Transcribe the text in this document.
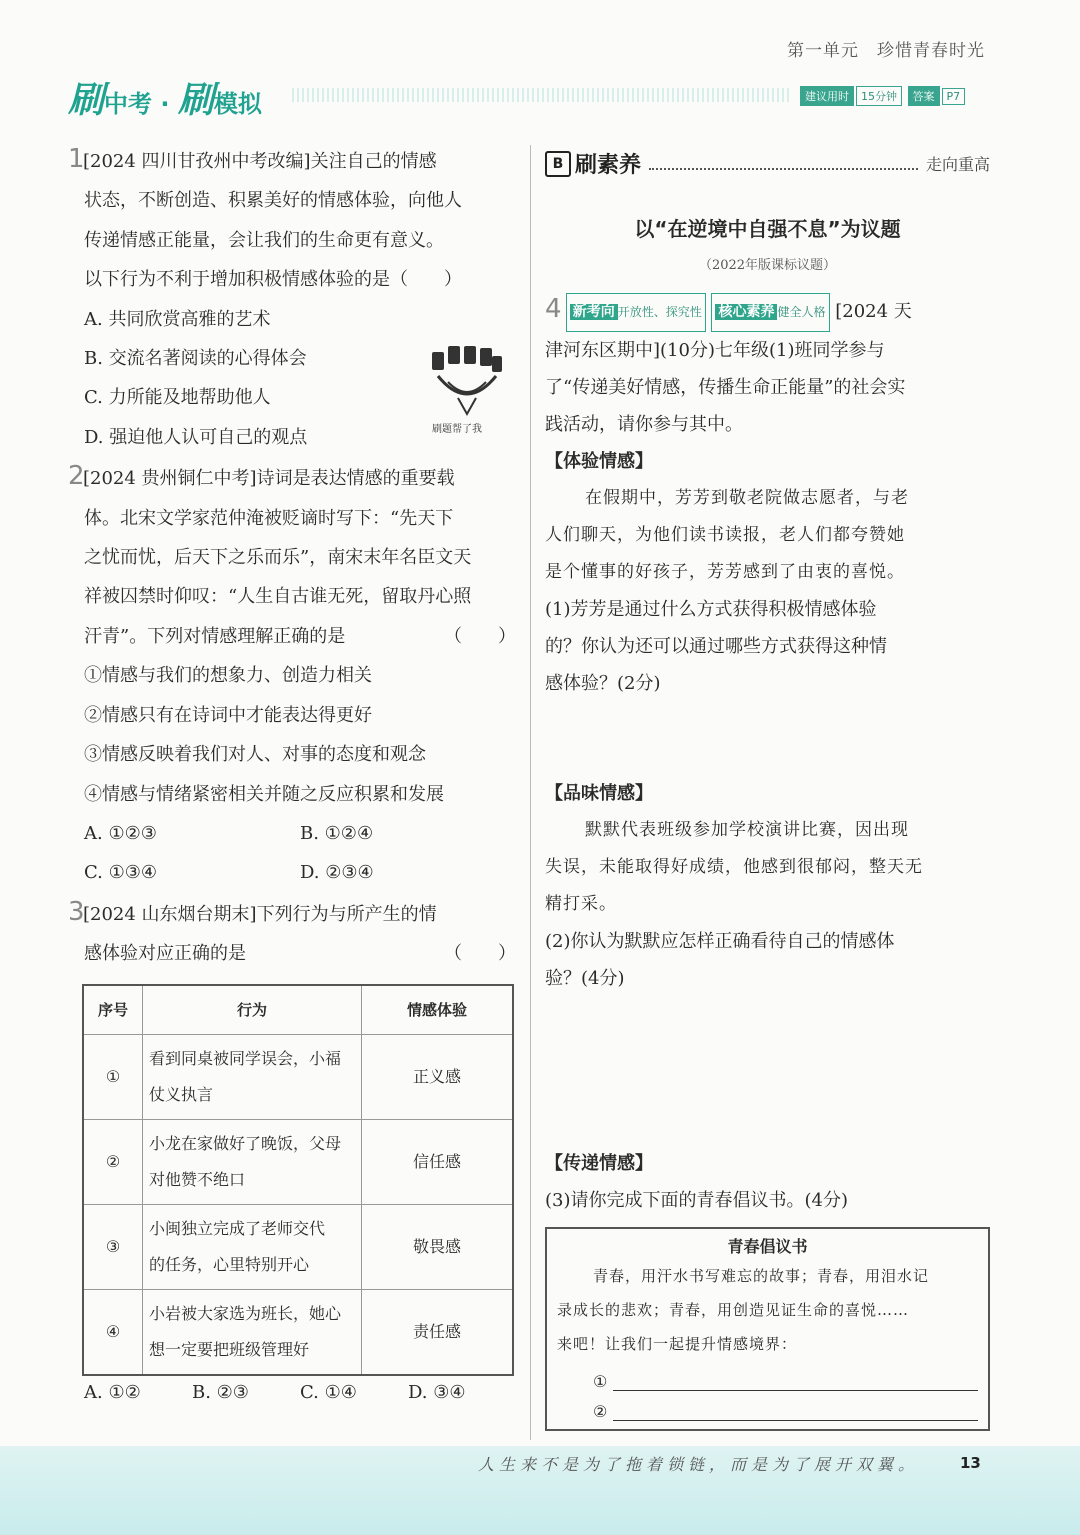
第一单元 珍惜青春时光
刷中考 · 刷模拟	建议用时 15分钟 答案 P7
1[2024 四川甘孜州中考改编]关注自己的情感
状态，不断创造、积累美好的情感体验，向他人
传递情感正能量，会让我们的生命更有意义。
以下行为不利于增加积极情感体验的是（　　）
A. 共同欣赏高雅的艺术
B. 交流名著阅读的心得体会
C. 力所能及地帮助他人
D. 强迫他人认可自己的观点
2[2024 贵州铜仁中考]诗词是表达情感的重要载
体。北宋文学家范仲淹被贬谪时写下：“先天下
之忧而忧，后天下之乐而乐”，南宋末年名臣文天
祥被囚禁时仰叹：“人生自古谁无死，留取丹心照
汗青”。下列对情感理解正确的是	（　　）
①情感与我们的想象力、创造力相关
②情感只有在诗词中才能表达得更好
③情感反映着我们对人、对事的态度和观念
④情感与情绪紧密相关并随之反应积累和发展
A. ①②③	B. ①②④
C. ①③④	D. ②③④
3[2024 山东烟台期末]下列行为与所产生的情
感体验对应正确的是	（　　）
序号	行为	情感体验
①	看到同桌被同学误会，小福
仗义执言	正义感
②	小龙在家做好了晚饭，父母
对他赞不绝口	信任感
③	小闽独立完成了老师交代
的任务，心里特别开心	敬畏感
④	小岩被大家选为班长，她心
想一定要把班级管理好	责任感
A. ①②	B. ②③	C. ①④	D. ③④
刷题帮了我
B 刷素养	走向重高
以“在逆境中自强不息”为议题
（2022年版课标议题）
4 新考向 开放性、探究性 核心素养 健全人格 [2024 天
津河东区期中](10分)七年级(1)班同学参与
了“传递美好情感，传播生命正能量”的社会实
践活动，请你参与其中。
【体验情感】
在假期中，芳芳到敬老院做志愿者，与老
人们聊天，为他们读书读报，老人们都夸赞她
是个懂事的好孩子，芳芳感到了由衷的喜悦。
(1)芳芳是通过什么方式获得积极情感体验
的？你认为还可以通过哪些方式获得这种情
感体验？(2分)
【品味情感】
默默代表班级参加学校演讲比赛，因出现
失误，未能取得好成绩，他感到很郁闷，整天无
精打采。
(2)你认为默默应怎样正确看待自己的情感体
验？(4分)
【传递情感】
(3)请你完成下面的青春倡议书。(4分)
青春倡议书
青春，用汗水书写难忘的故事；青春，用泪水记
录成长的悲欢；青春，用创造见证生命的喜悦……
来吧！让我们一起提升情感境界：
①
②
人生来不是为了拖着锁链，而是为了展开双翼。	13
